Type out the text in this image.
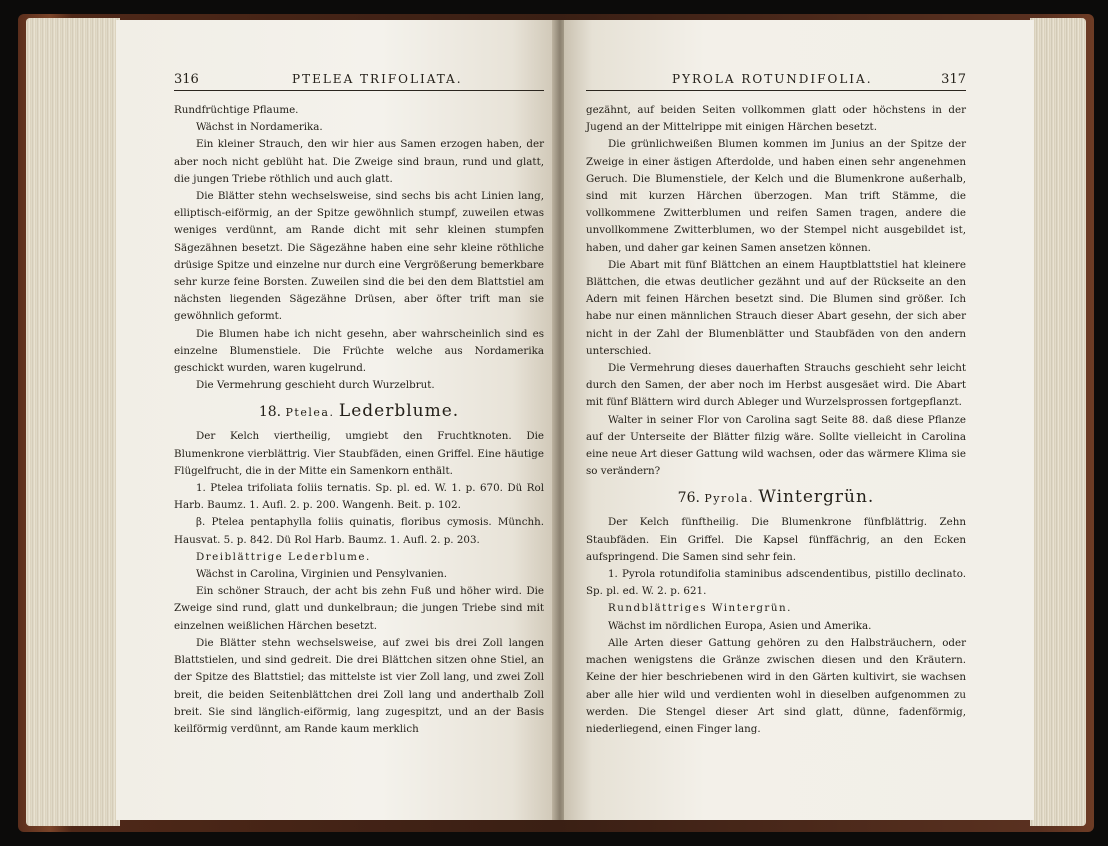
316	PTELEA TRIFOLIATA.

Rundfrüchtige Pflaume.

Wächst in Nordamerika.

Ein kleiner Strauch, den wir hier aus Samen erzogen haben, der aber noch nicht geblüht hat. Die Zweige sind braun, rund und glatt, die jungen Triebe röthlich und auch glatt.

Die Blätter stehn wechselsweise, sind sechs bis acht Linien lang, elliptisch-eiförmig, an der Spitze gewöhnlich stumpf, zuweilen etwas weniges verdünnt, am Rande dicht mit sehr kleinen stumpfen Sägezähnen besetzt. Die Sägezähne haben eine sehr kleine röthliche drüsige Spitze und einzelne nur durch eine Vergrößerung bemerkbare sehr kurze feine Borsten. Zuweilen sind die bei den dem Blattstiel am nächsten liegenden Sägezähne Drüsen, aber öfter trift man sie gewöhnlich geformt.

Die Blumen habe ich nicht gesehn, aber wahrscheinlich sind es einzelne Blumenstiele. Die Früchte welche aus Nordamerika geschickt wurden, waren kugelrund.

Die Vermehrung geschieht durch Wurzelbrut.

18. Ptelea. Lederblume.

Der Kelch viertheilig, umgiebt den Fruchtknoten. Die Blumenkrone vierblättrig. Vier Staubfäden, einen Griffel. Eine häutige Flügelfrucht, die in der Mitte ein Samenkorn enthält.

1. Ptelea trifoliata foliis ternatis. Sp. pl. ed. W. 1. p. 670. Dü Rol Harb. Baumz. 1. Aufl. 2. p. 200. Wangenh. Beit. p. 102.

β. Ptelea pentaphylla foliis quinatis, floribus cymosis. Münchh. Hausvat. 5. p. 842. Dü Rol Harb. Baumz. 1. Aufl. 2. p. 203.

Dreiblättrige Lederblume.

Wächst in Carolina, Virginien und Pensylvanien.

Ein schöner Strauch, der acht bis zehn Fuß und höher wird. Die Zweige sind rund, glatt und dunkelbraun; die jungen Triebe sind mit einzelnen weißlichen Härchen besetzt.

Die Blätter stehn wechselsweise, auf zwei bis drei Zoll langen Blattstielen, und sind gedreit. Die drei Blättchen sitzen ohne Stiel, an der Spitze des Blattstiel; das mittelste ist vier Zoll lang, und zwei Zoll breit, die beiden Seitenblättchen drei Zoll lang und anderthalb Zoll breit. Sie sind länglich-eiförmig, lang zugespitzt, und an der Basis keilförmig verdünnt, am Rande kaum merklich

PYROLA ROTUNDIFOLIA.	317

gezähnt, auf beiden Seiten vollkommen glatt oder höchstens in der Jugend an der Mittelrippe mit einigen Härchen besetzt.

Die grünlichweißen Blumen kommen im Junius an der Spitze der Zweige in einer ästigen Afterdolde, und haben einen sehr angenehmen Geruch. Die Blumenstiele, der Kelch und die Blumenkrone außerhalb, sind mit kurzen Härchen überzogen. Man trift Stämme, die vollkommene Zwitterblumen und reifen Samen tragen, andere die unvollkommene Zwitterblumen, wo der Stempel nicht ausgebildet ist, haben, und daher gar keinen Samen ansetzen können.

Die Abart mit fünf Blättchen an einem Hauptblattstiel hat kleinere Blättchen, die etwas deutlicher gezähnt und auf der Rückseite an den Adern mit feinen Härchen besetzt sind. Die Blumen sind größer. Ich habe nur einen männlichen Strauch dieser Abart gesehn, der sich aber nicht in der Zahl der Blumenblätter und Staubfäden von den andern unterschied.

Die Vermehrung dieses dauerhaften Strauchs geschieht sehr leicht durch den Samen, der aber noch im Herbst ausgesäet wird. Die Abart mit fünf Blättern wird durch Ableger und Wurzelsprossen fortgepflanzt.

Walter in seiner Flor von Carolina sagt Seite 88. daß diese Pflanze auf der Unterseite der Blätter filzig wäre. Sollte vielleicht in Carolina eine neue Art dieser Gattung wild wachsen, oder das wärmere Klima sie so verändern?

76. Pyrola. Wintergrün.

Der Kelch fünftheilig. Die Blumenkrone fünfblättrig. Zehn Staubfäden. Ein Griffel. Die Kapsel fünffächrig, an den Ecken aufspringend. Die Samen sind sehr fein.

1. Pyrola rotundifolia staminibus adscendentibus, pistillo declinato. Sp. pl. ed. W. 2. p. 621.

Rundblättriges Wintergrün.

Wächst im nördlichen Europa, Asien und Amerika.

Alle Arten dieser Gattung gehören zu den Halbsträuchern, oder machen wenigstens die Gränze zwischen diesen und den Kräutern. Keine der hier beschriebenen wird in den Gärten kultivirt, sie wachsen aber alle hier wild und verdienten wohl in dieselben aufgenommen zu werden. Die Stengel dieser Art sind glatt, dünne, fadenförmig, niederliegend, einen Finger lang.
